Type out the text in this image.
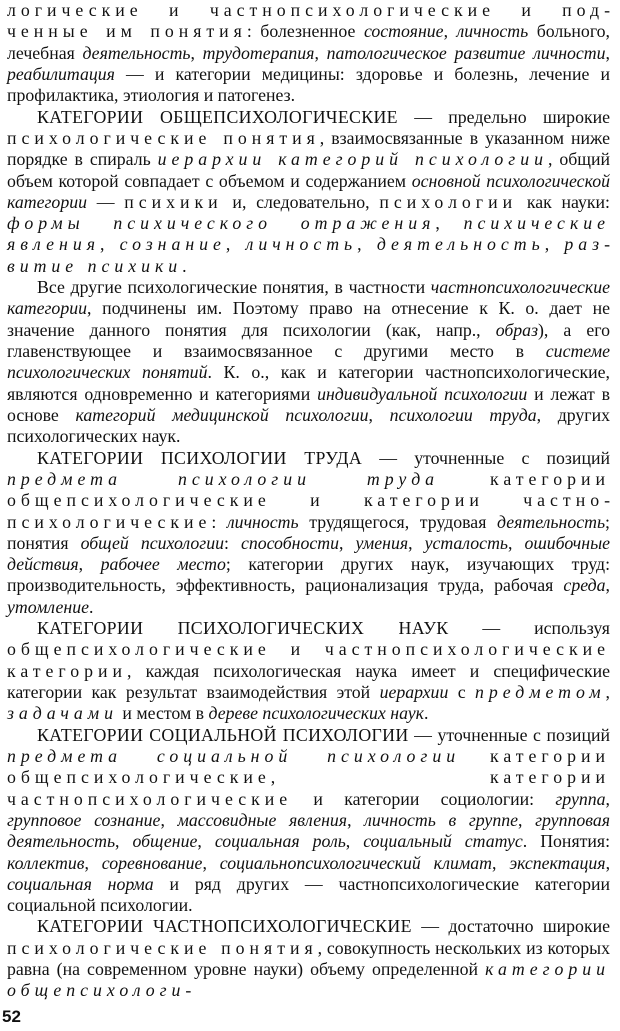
логические и частнопсихологические и подченные им понятия: болезненное состояние, личность больного, лечебная деятельность, трудотерапия, патологическое развитие личности, реабилитация — и категории медицины: здоровье и болезнь, лечение и профилактика, этиология и патогенез.

КАТЕГОРИИ ОБЩЕПСИХОЛОГИЧЕСКИЕ — предельно широкие психологические понятия, взаимосвязанные в указанном ниже порядке в спираль иерархии категорий психологии, общий объем которой совпадает с объемом и содержанием основной психологической категории — психики и, следовательно, психологии как науки: формы психического отражения, психические явления, сознание, личность, деятельность, развитие психики.

Все другие психологические понятия, в частности частнопсихологические категории, подчинены им. Поэтому право на отнесение к К. о. дает не значение данного понятия для психологии (как, напр., образ), а его главенствующее и взаимосвязанное с другими место в системе психологических понятий. К. о., как и категории частнопсихологические, являются одновременно и категориями индивидуальной психологии и лежат в основе категорий медицинской психологии, психологии труда, других психологических наук.

КАТЕГОРИИ ПСИХОЛОГИИ ТРУДА — уточненные с позиций предмета психологии труда	категории общепсихологические и категории частнопсихологические: личность трудящегося, трудовая деятельность; понятия общей психологии: способности, умения, усталость, ошибочные действия, рабочее место; категории других наук, изучающих труд: производительность, эффективность, рационализация труда, рабочая среда, утомление.

КАТЕГОРИИ ПСИХОЛОГИЧЕСКИХ НАУК — используя общепсихологические и частнопсихологические категории, каждая психологическая наука имеет и специфические категории как результат взаимодействия этой иерархии с предметом, задачами и местом в дереве психологических наук.

КАТЕГОРИИ СОЦИАЛЬНОЙ ПСИХОЛОГИИ — уточненные с позиций предмета социальной психологии категории общепсихологические, категории частнопсихологические и категории социологии: группа, групповое сознание, массовидные явления, личность в группе, групповая деятельность, общение, социальная роль, социальный статус. Понятия: коллектив, соревнование, социальнопсихологический климат, экспектация, социальная норма и ряд других — частнопсихологические категории социальной психологии.

КАТЕГОРИИ ЧАСТНОПСИХОЛОГИЧЕСКИЕ — достаточно широкие психологические понятия, совокупность нескольких из которых равна (на современном уровне науки) объему определенной категории общепсихологи-

52
